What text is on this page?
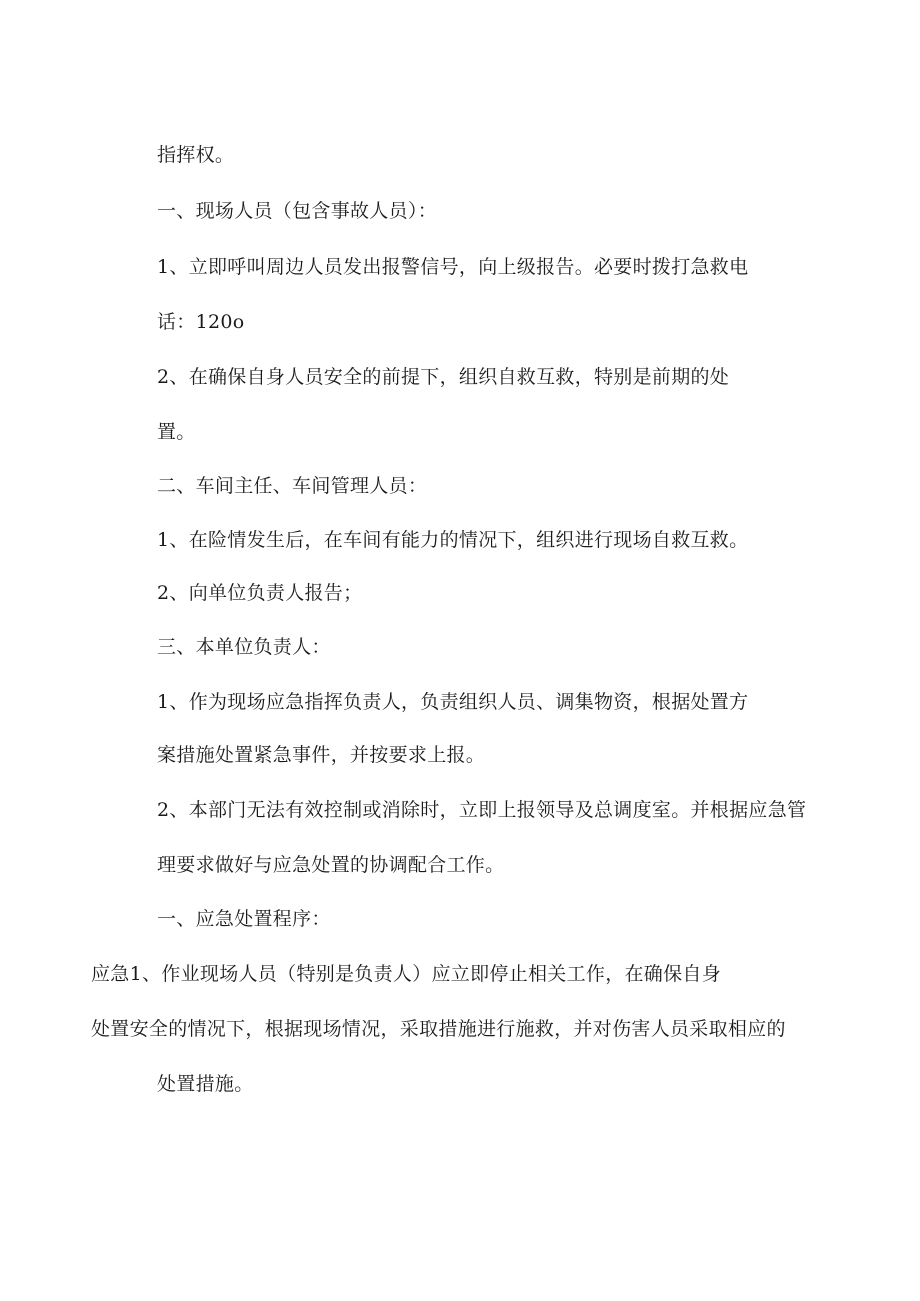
指挥权。
一、现场人员（包含事故人员）：
1、立即呼叫周边人员发出报警信号，向上级报告。必要时拨打急救电
话：120o
2、在确保自身人员安全的前提下，组织自救互救，特别是前期的处
置。
二、车间主任、车间管理人员：
1、在险情发生后，在车间有能力的情况下，组织进行现场自救互救。
2、向单位负责人报告；
三、本单位负责人：
1、作为现场应急指挥负责人，负责组织人员、调集物资，根据处置方
案措施处置紧急事件，并按要求上报。
2、本部门无法有效控制或消除时，立即上报领导及总调度室。并根据应急管
理要求做好与应急处置的协调配合工作。
一、应急处置程序：
应急1、作业现场人员（特别是负责人）应立即停止相关工作，在确保自身
处置安全的情况下，根据现场情况，采取措施进行施救，并对伤害人员采取相应的
处置措施。
